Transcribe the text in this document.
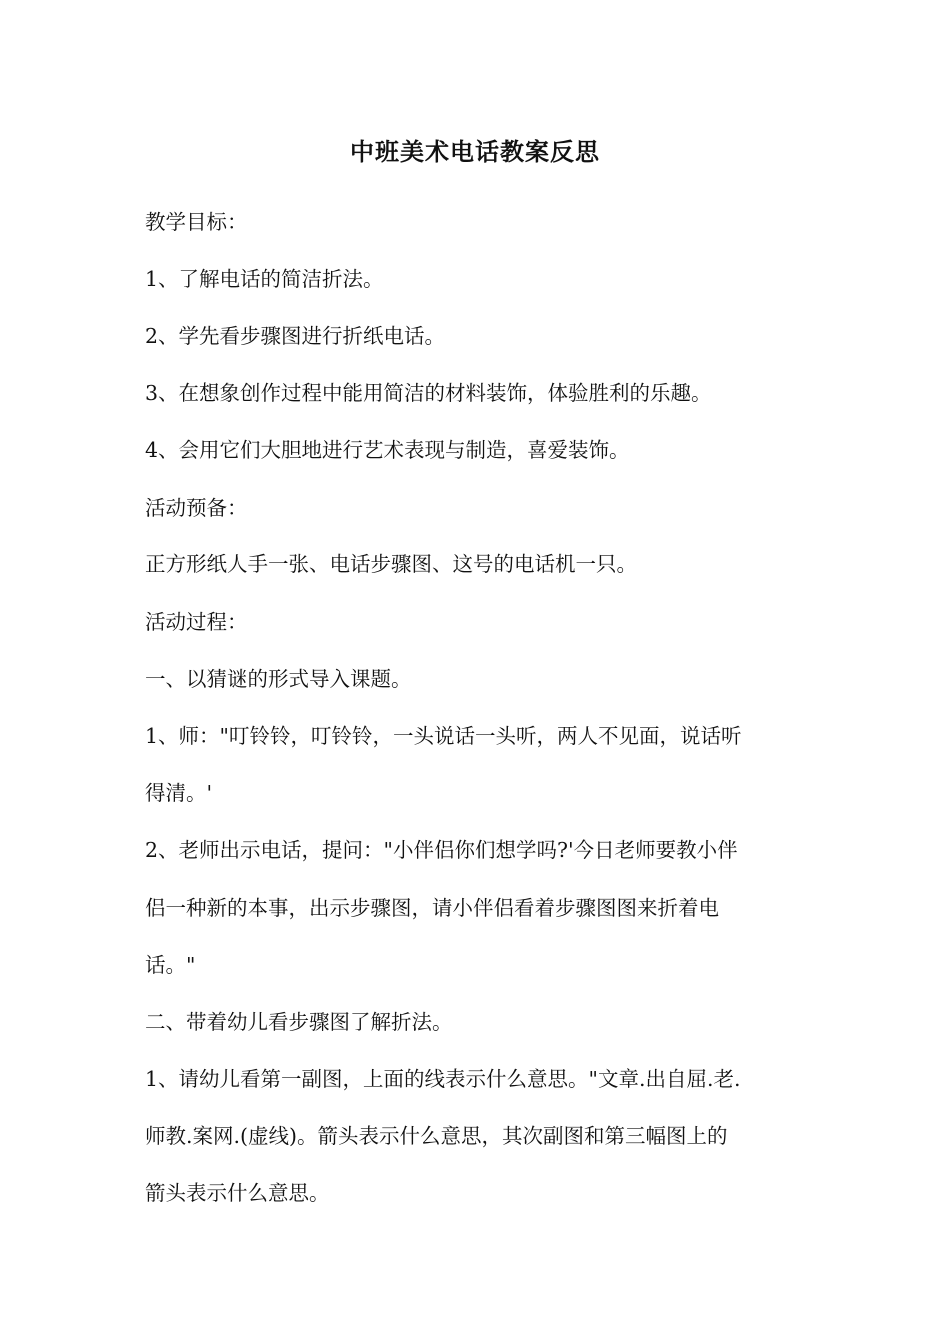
中班美术电话教案反思

教学目标：

1、了解电话的简洁折法。

2、学先看步骤图进行折纸电话。

3、在想象创作过程中能用简洁的材料装饰，体验胜利的乐趣。

4、会用它们大胆地进行艺术表现与制造，喜爱装饰。

活动预备：

正方形纸人手一张、电话步骤图、这号的电话机一只。

活动过程：

一、以猜谜的形式导入课题。

1、师："叮铃铃，叮铃铃，一头说话一头听，两人不见面，说话听

得清。'

2、老师出示电话，提问："小伴侣你们想学吗?'今日老师要教小伴

侣一种新的本事，出示步骤图，请小伴侣看着步骤图图来折着电

话。"

二、带着幼儿看步骤图了解折法。

1、请幼儿看第一副图，上面的线表示什么意思。"文章.出自屈.老.

师教.案网.(虚线)。箭头表示什么意思，其次副图和第三幅图上的

箭头表示什么意思。
